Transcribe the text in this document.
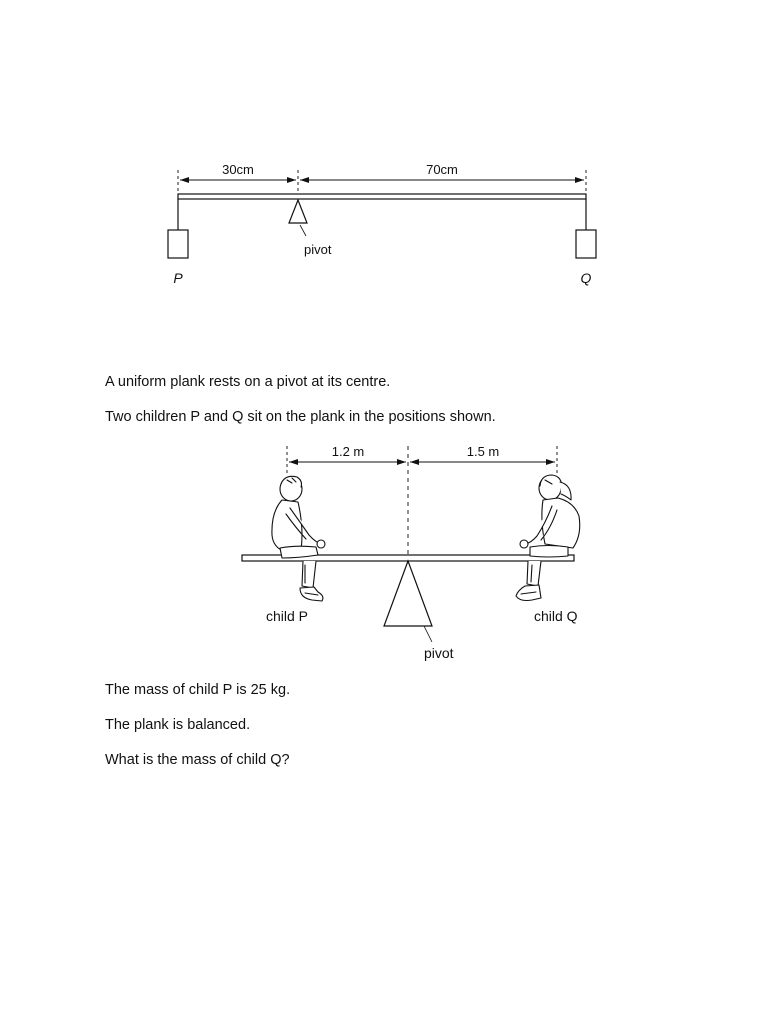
30cm	70cm
pivot
P	Q

A uniform plank rests on a pivot at its centre.

Two children P and Q sit on the plank in the positions shown.

1.2 m	1.5 m
child P	child Q
pivot

The mass of child P is 25 kg.

The plank is balanced.

What is the mass of child Q?
